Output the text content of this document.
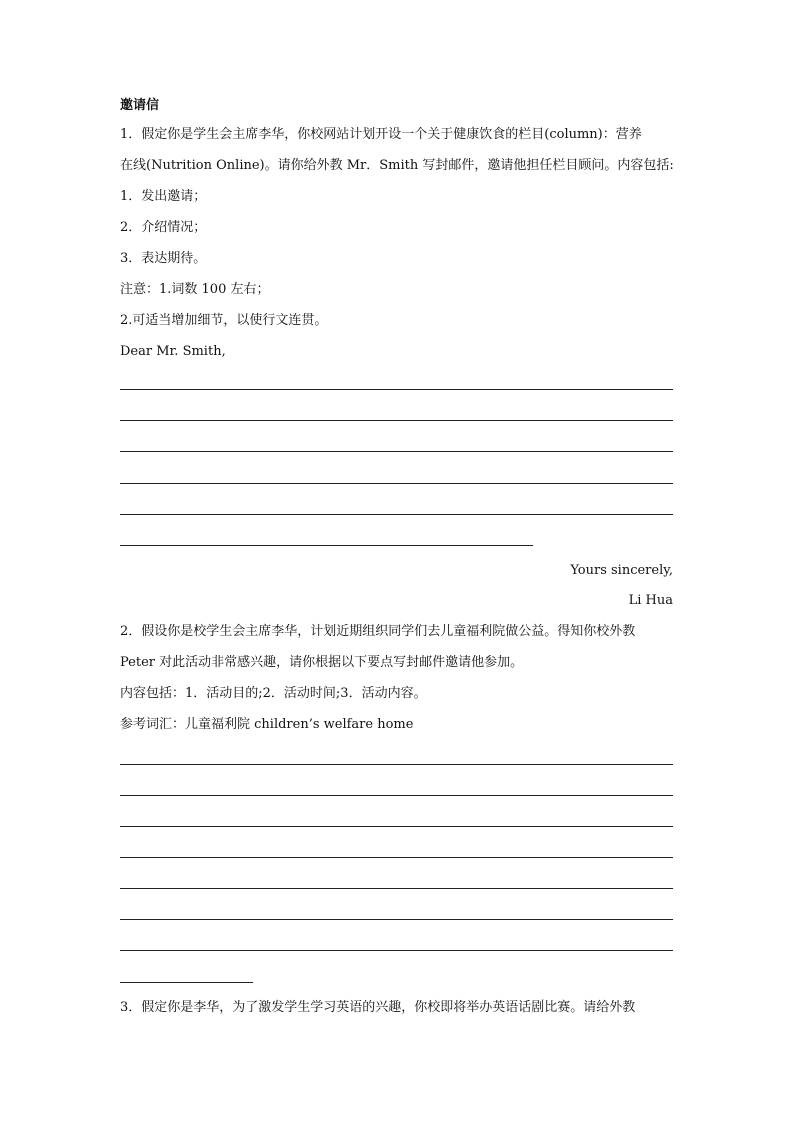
邀请信
1．假定你是学生会主席李华，你校网站计划开设一个关于健康饮食的栏目(column)：营养
在线(Nutrition Online)。请你给外教 Mr．Smith 写封邮件，邀请他担任栏目顾问。内容包括:
1．发出邀请；
2．介绍情况；
3．表达期待。
注意：1.词数 100 左右；
2.可适当增加细节，以使行文连贯。
Dear Mr. Smith,
Yours sincerely,
Li Hua
2．假设你是校学生会主席李华，计划近期组织同学们去儿童福利院做公益。得知你校外教
Peter 对此活动非常感兴趣，请你根据以下要点写封邮件邀请他参加。
内容包括：1．活动目的;2．活动时间;3．活动内容。
参考词汇：儿童福利院 children’s welfare home
3．假定你是李华，为了激发学生学习英语的兴趣，你校即将举办英语话剧比赛。请给外教
